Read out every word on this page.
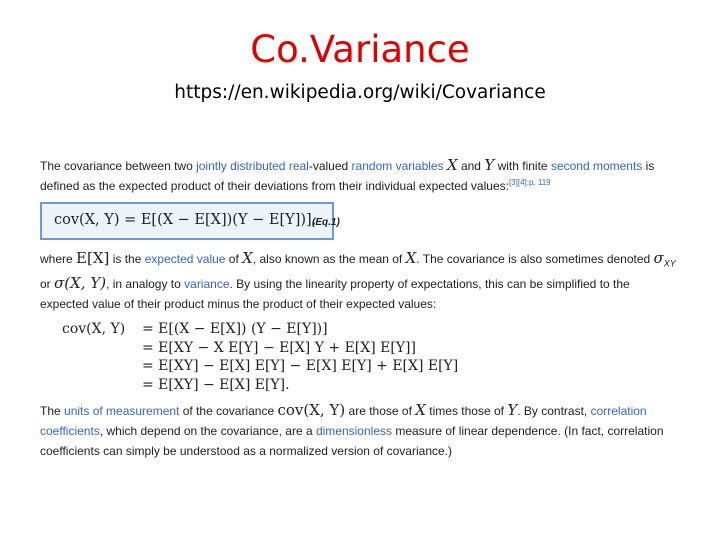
Co.Variance
https://en.wikipedia.org/wiki/Covariance

The covariance between two jointly distributed real-valued random variables X and Y with finite second moments is defined as the expected product of their deviations from their individual expected values:$^{[3][4]:p. 119}$

cov(X, Y) = E[(X − E[X])(Y − E[Y])],
(Eq.1)

where E[X] is the expected value of X, also known as the mean of X. The covariance is also sometimes denoted $\sigma_{XY}$ or σ(X, Y), in analogy to variance. By using the linearity property of expectations, this can be simplified to the expected value of their product minus the product of their expected values:

cov(X, Y) = E[(X − E[X]) (Y − E[Y])]
= E[XY − X E[Y] − E[X] Y + E[X] E[Y]]
= E[XY] − E[X] E[Y] − E[X] E[Y] + E[X] E[Y]
= E[XY] − E[X] E[Y].

The units of measurement of the covariance cov(X, Y) are those of X times those of Y. By contrast, correlation coefficients, which depend on the covariance, are a dimensionless measure of linear dependence. (In fact, correlation coefficients can simply be understood as a normalized version of covariance.)
